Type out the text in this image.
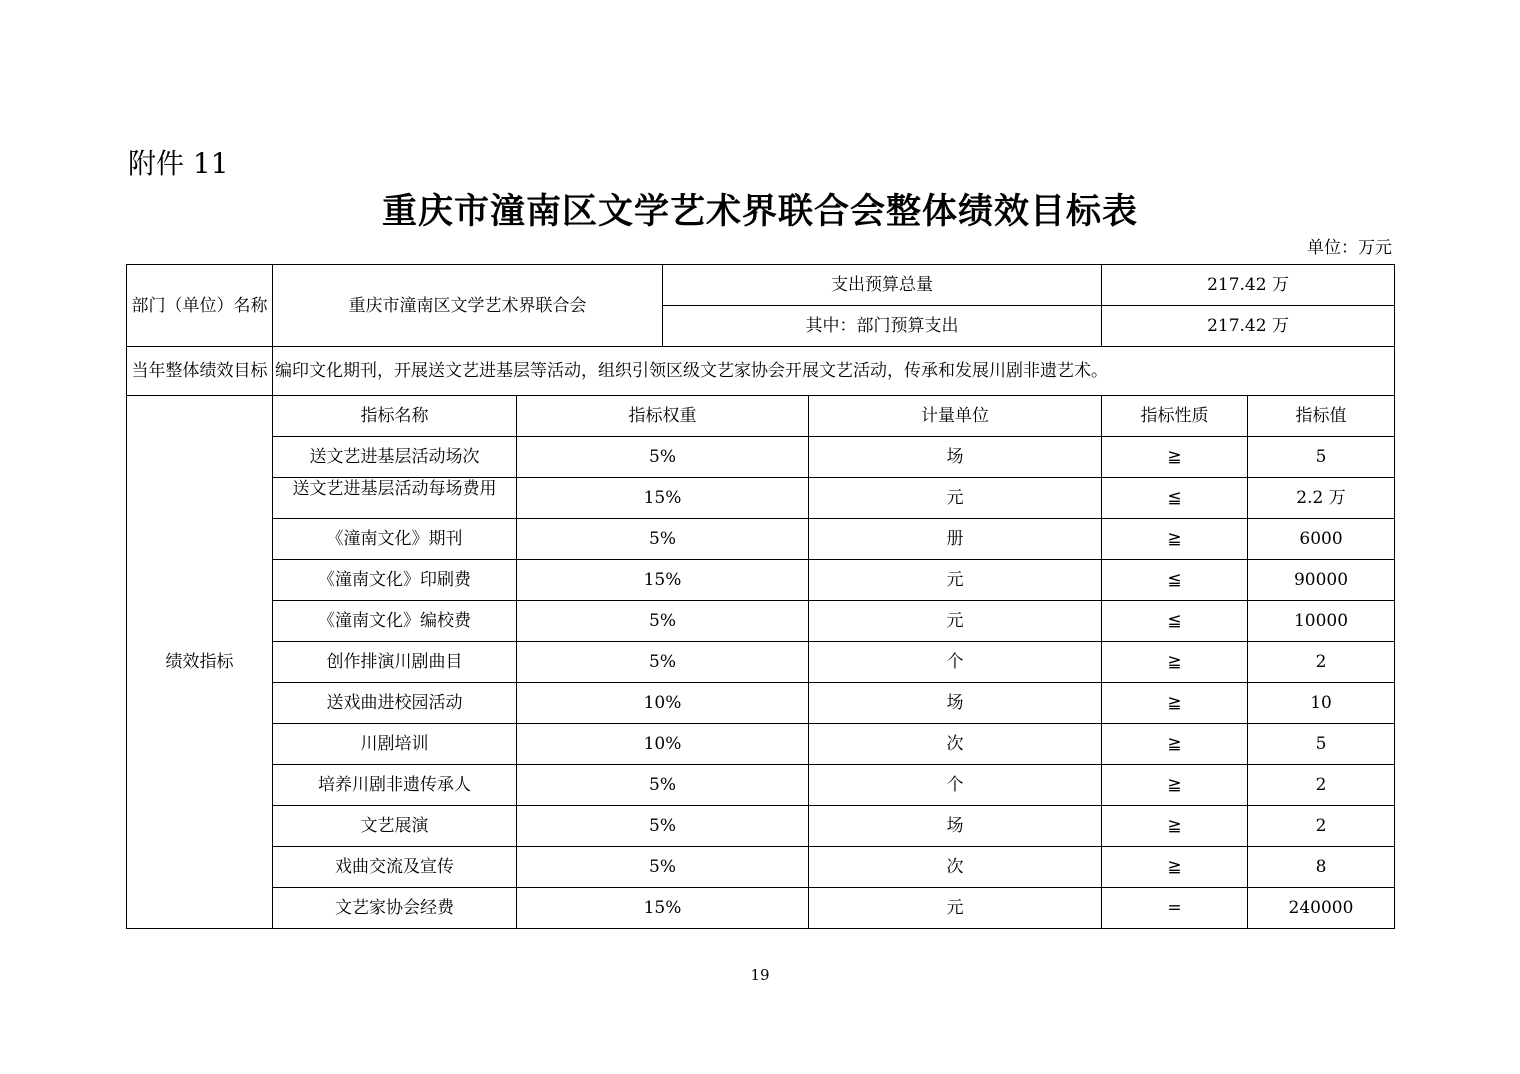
附件 11
重庆市潼南区文学艺术界联合会整体绩效目标表
单位：万元
部门（单位）名称	重庆市潼南区文学艺术界联合会		支出预算总量		217.42 万	
			其中：部门预算支出		217.42 万	
当年整体绩效目标	编印文化期刊，开展送文艺进基层等活动，组织引领区级文艺家协会开展文艺活动，传承和发展川剧非遗艺术。					
绩效指标	指标名称	指标权重		计量单位	指标性质	指标值
	送文艺进基层活动场次	5%		场	≧	5

	送文艺进基层活动每场费用	15%		元	≦	2.2 万
	《潼南文化》期刊	5%		册	≧	6000
	《潼南文化》印刷费	15%		元	≦	90000
	《潼南文化》编校费	5%		元	≦	10000
	创作排演川剧曲目	5%		个	≧	2
	送戏曲进校园活动	10%		场	≧	10
	川剧培训	10%		次	≧	5
	培养川剧非遗传承人	5%		个	≧	2
	文艺展演	5%		场	≧	2
	戏曲交流及宣传	5%		次	≧	8
	文艺家协会经费	15%		元	=	240000
19
